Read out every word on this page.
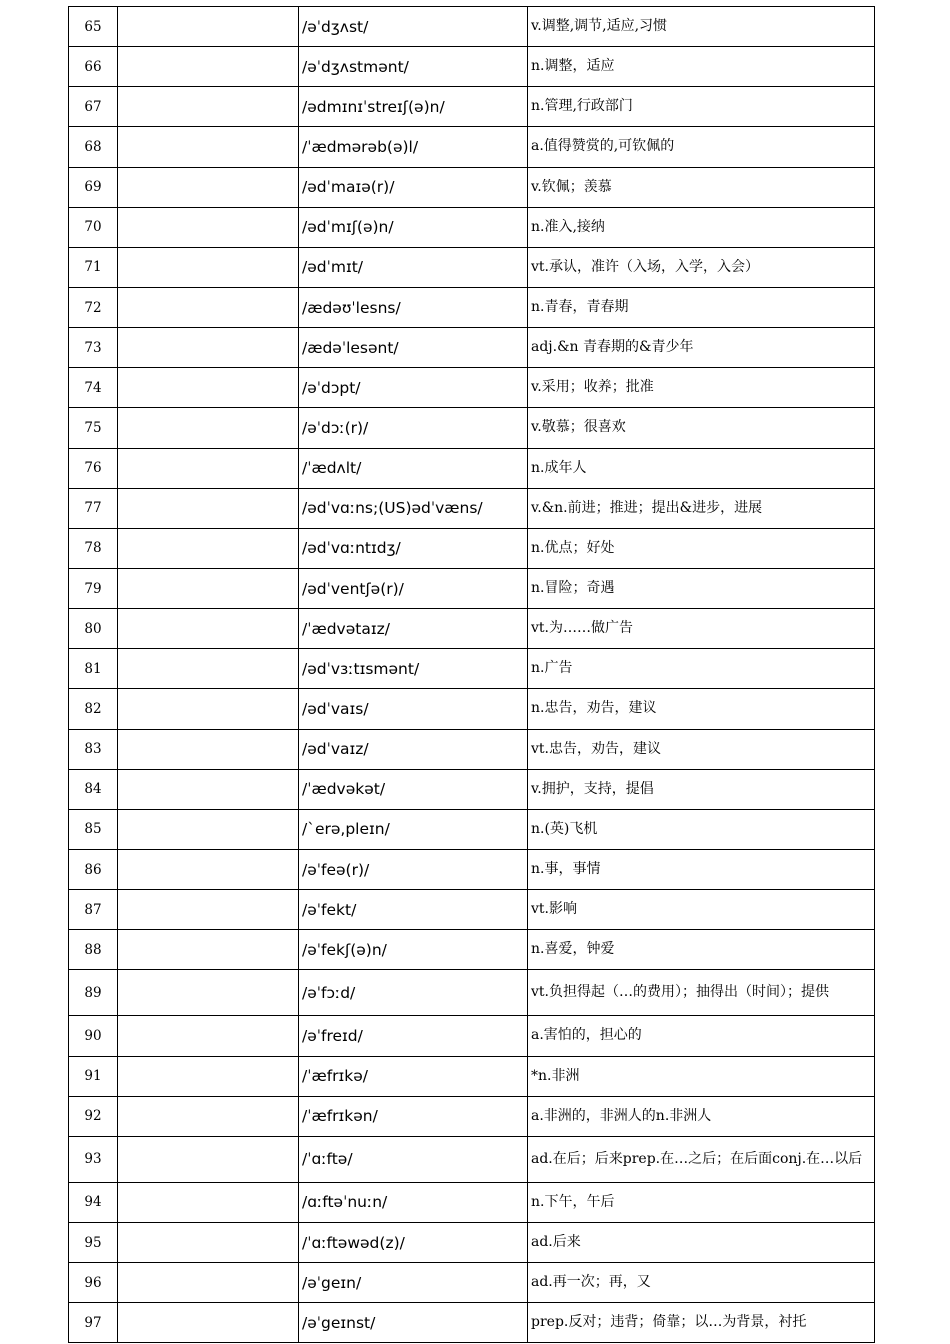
65		/əˈdʒʌst/	v.调整,调节,适应,习惯
66		/əˈdʒʌstmənt/	n.调整，适应
67		/ədmɪnɪˈstreɪʃ(ə)n/	n.管理,行政部门
68		/ˈædmərəb(ə)l/	a.值得赞赏的,可钦佩的
69		/ədˈmaɪə(r)/	v.钦佩；羡慕
70		/ədˈmɪʃ(ə)n/	n.准入,接纳
71		/ədˈmɪt/	vt.承认，准许（入场，入学，入会）
72		/ædəʊˈlesns/	n.青春，青春期
73		/ædəˈlesənt/	adj.&n 青春期的&青少年
74		/əˈdɔpt/	v.采用；收养；批准
75		/əˈdɔː(r)/	v.敬慕；很喜欢
76		/ˈædʌlt/	n.成年人
77		/ədˈvɑːns;(US)ədˈvæns/	v.&n.前进；推进；提出&进步，进展
78		/ədˈvɑːntɪdʒ/	n.优点；好处
79		/ədˈventʃə(r)/	n.冒险；奇遇
80		/ˈædvətaɪz/	vt.为……做广告
81		/ədˈvɜːtɪsmənt/	n.广告
82		/ədˈvaɪs/	n.忠告，劝告，建议
83		/ədˈvaɪz/	vt.忠告，劝告，建议
84		/ˈædvəkət/	v.拥护，支持，提倡
85		/`erə,pleɪn/	n.(英)飞机
86		/əˈfeə(r)/	n.事，事情
87		/əˈfekt/	vt.影响
88		/əˈfekʃ(ə)n/	n.喜爱，钟爱
89		/əˈfɔːd/	vt.负担得起（…的费用）；抽得出（时间）；提供
90		/əˈfreɪd/	a.害怕的，担心的
91		/ˈæfrɪkə/	*n.非洲
92		/ˈæfrɪkən/	a.非洲的，非洲人的n.非洲人
93		/ˈɑːftə/	ad.在后；后来prep.在…之后；在后面conj.在…以后
94		/ɑːftəˈnuːn/	n.下午，午后
95		/ˈɑːftəwəd(z)/	ad.后来
96		/əˈgeɪn/	ad.再一次；再，又
97		/əˈgeɪnst/	prep.反对；违背；倚靠；以…为背景，衬托
